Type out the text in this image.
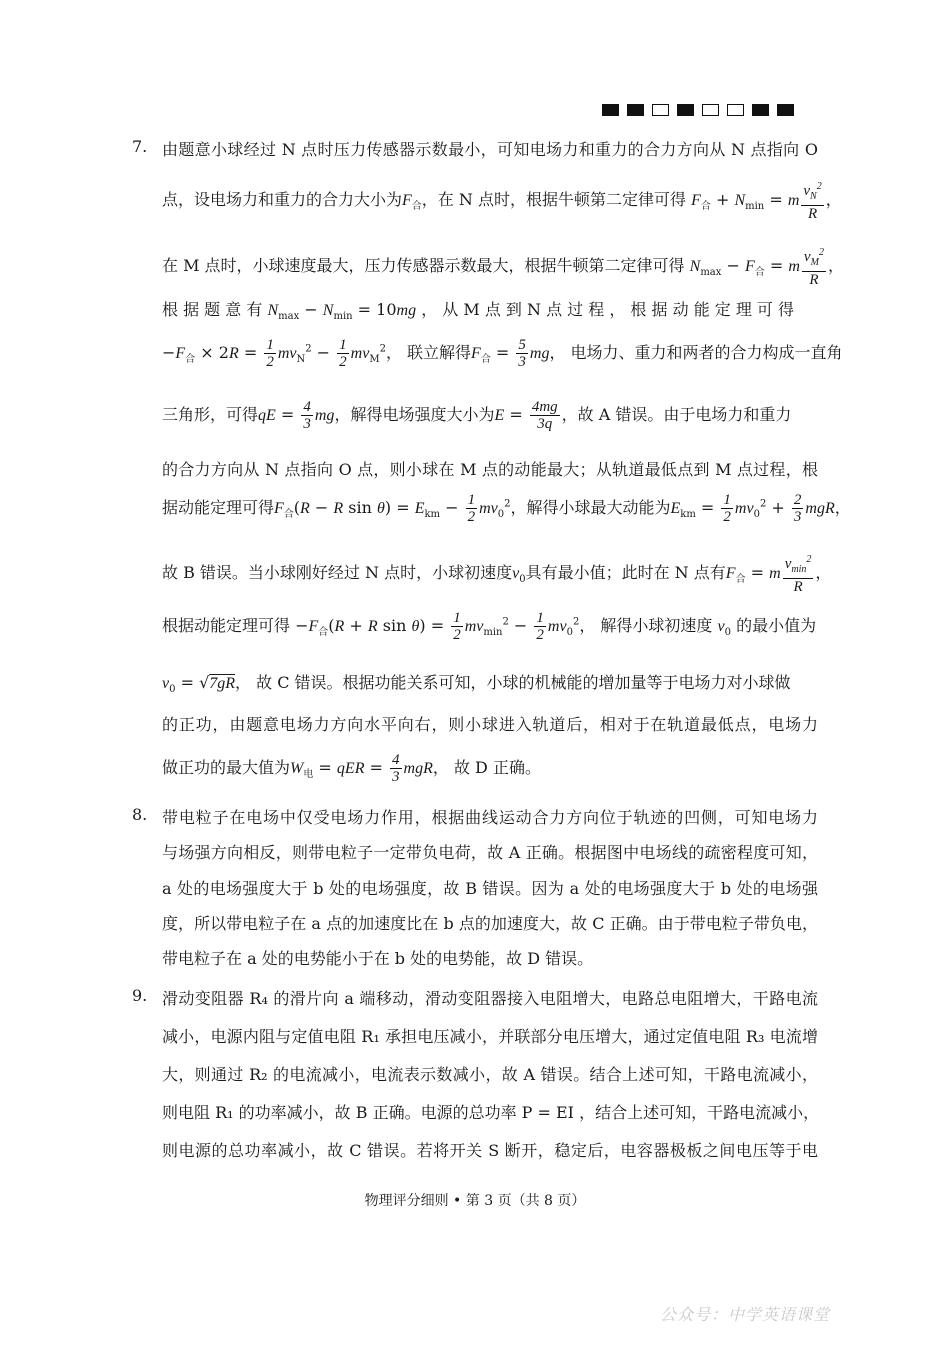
7. 由题意小球经过 N 点时压力传感器示数最小，可知电场力和重力的合力方向从 N 点指向 O
点，设电场力和重力的合力大小为$F_合$，在 N 点时，根据牛顿第二定律可得 $F_合 + N_{min} = m \frac{v_N^2}{R}$ ，
在 M 点时，小球速度最大，压力传感器示数最大，根据牛顿第二定律可得 $N_{max} - F_合 = m \frac{v_M^2}{R}$ ，
根 据 题 意 有 $N_{max} - N_{min} = 10mg$ ， 从 M 点 到 N 点 过 程 ， 根 据 动 能 定 理 可 得
$-F_合 \times 2R = \frac{1}{2} mv_N^2 - \frac{1}{2} mv_M^2$， 联立解得$F_合 = \frac{5}{3}$ mg， 电场力、重力和两者的合力构成一直角
三角形，可得qE = $\frac{4}{3}$ mg，解得电场强度大小为$E = \frac{4mg}{3q}$ ，故 A 错误。由于电场力和重力
的合力方向从 N 点指向 O 点，则小球在 M 点的动能最大；从轨道最低点到 M 点过程，根
据动能定理可得$F_合(R - R$ $\sin \theta) = E_{km} - \frac{1}{2} mv_0^2$，解得小球最大动能为$E_{km} = \frac{1}{2} mv_0^2 + \frac{2}{3}$ mgR，
故 B 错误。当小球刚好经过 N 点时，小球初速度$v_0$具有最小值；此时在 N 点有$F_合 = m \frac{v_{min}^2}{R}$ ，
根据动能定理可得 $-F_合(R + R$ $\sin \theta) = \frac{1}{2} mv_{min}^2 - \frac{1}{2} mv_0^2$， 解得小球初速度 $v_0$ 的最小值为
$v_0 = √7gR$， 故 C 错误。根据功能关系可知，小球的机械能的增加量等于电场力对小球做
的正功，由题意电场力方向水平向右，则小球进入轨道后，相对于在轨道最低点，电场力
做正功的最大值为$W_电$ = qER = $\frac{4}{3}$ mgR， 故 D 正确。
8. 带电粒子在电场中仅受电场力作用，根据曲线运动合力方向位于轨迹的凹侧，可知电场力
与场强方向相反，则带电粒子一定带负电荷，故 A 正确。根据图中电场线的疏密程度可知，
a 处的电场强度大于 b 处的电场强度，故 B 错误。因为 a 处的电场强度大于 b 处的电场强
度，所以带电粒子在 a 点的加速度比在 b 点的加速度大，故 C 正确。由于带电粒子带负电，
带电粒子在 a 处的电势能小于在 b 处的电势能，故 D 错误。
9. 滑动变阻器 R₄ 的滑片向 a 端移动，滑动变阻器接入电阻增大，电路总电阻增大，干路电流
减小，电源内阻与定值电阻 R₁ 承担电压减小，并联部分电压增大，通过定值电阻 R₃ 电流增
大，则通过 R₂ 的电流减小，电流表示数减小，故 A 错误。结合上述可知，干路电流减小，
则电阻 R₁ 的功率减小，故 B 正确。电源的总功率 P = EI ，结合上述可知，干路电流减小，
则电源的总功率减小，故 C 错误。若将开关 S 断开，稳定后，电容器极板之间电压等于电
物理评分细则 • 第 3 页（共 8 页）
公众号：中学英语课堂
